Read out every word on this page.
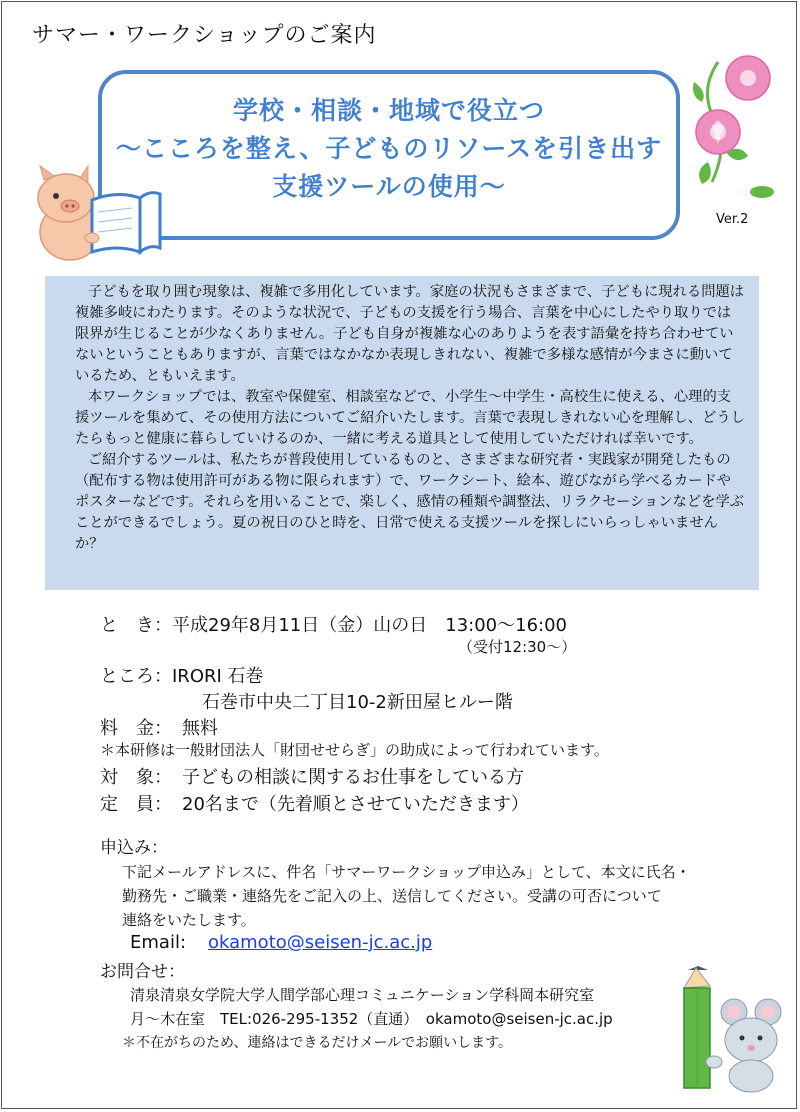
サマー・ワークショップのご案内
学校・相談・地域で役立つ
〜こころを整え、子どものリソースを引き出す
支援ツールの使用〜
Ver.2

子どもを取り囲む現象は、複雑で多用化しています。家庭の状況もさまざまで、子どもに現れる問題は複雑多岐にわたります。そのような状況で、子どもの支援を行う場合、言葉を中心にしたやり取りでは限界が生じることが少なくありません。子ども自身が複雑な心のありようを表す語彙を持ち合わせていないということもありますが、言葉ではなかなか表現しきれない、複雑で多様な感情が今まさに動いているため、ともいえます。

本ワークショップでは、教室や保健室、相談室などで、小学生〜中学生・高校生に使える、心理的支援ツールを集めて、その使用方法についてご紹介いたします。言葉で表現しきれない心を理解し、どうしたらもっと健康に暮らしていけるのか、一緒に考える道具として使用していただければ幸いです。

ご紹介するツールは、私たちが普段使用しているものと、さまざまな研究者・実践家が開発したもの（配布する物は使用許可がある物に限られます）で、ワークシート、絵本、遊びながら学べるカードやポスターなどです。それらを用いることで、楽しく、感情の種類や調整法、リラクセーションなどを学ぶことができるでしょう。夏の祝日のひと時を、日常で使える支援ツールを探しにいらっしゃいませんか？

と　き： 平成29年8月11日（金）山の日　13:00〜16:00
（受付12:30〜）
ところ： IRORI 石巻
石巻市中央二丁目10-2新田屋ヒルー階
料　金： 無料
＊本研修は一般財団法人「財団せせらぎ」の助成によって行われています。
対　象： 子どもの相談に関するお仕事をしている方
定　員： 20名まで（先着順とさせていただきます）
申込み：
下記メールアドレスに、件名「サマーワークショップ申込み」として、本文に氏名・
勤務先・ご職業・連絡先をご記入の上、送信してください。受講の可否について
連絡をいたします。
Email: okamoto@seisen-jc.ac.jp
お問合せ：
清泉清泉女学院大学人間学部心理コミュニケーション学科岡本研究室
月〜木在室　TEL:026-295-1352（直通）　okamoto@seisen-jc.ac.jp
＊不在がちのため、連絡はできるだけメールでお願いします。
